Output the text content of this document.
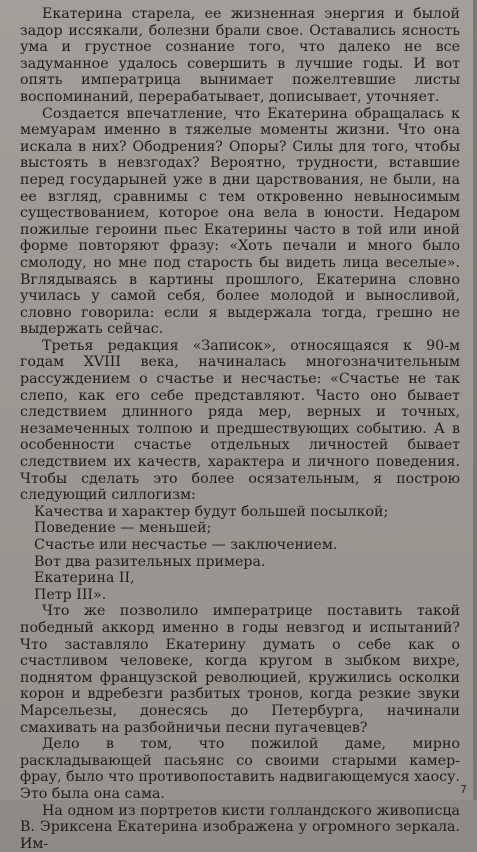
Екатерина старела, ее жизненная энергия и былой задор иссякали, болезни брали свое. Оставались ясность ума и грустное сознание того, что далеко не все задуманное удалось совершить в лучшие годы. И вот опять императрица вынимает пожелтевшие листы воспоминаний, перерабатывает, дописывает, уточняет.

Создается впечатление, что Екатерина обращалась к мемуарам именно в тяжелые моменты жизни. Что она искала в них? Ободрения? Опоры? Силы для того, чтобы выстоять в невзгодах? Вероятно, трудности, вставшие перед государыней уже в дни царствования, не были, на ее взгляд, сравнимы с тем откровенно невыносимым существованием, которое она вела в юности. Недаром пожилые героини пьес Екатерины часто в той или иной форме повторяют фразу: «Хоть печали и много было смолоду, но мне под старость бы видеть лица веселые». Вглядываясь в картины прошлого, Екатерина словно училась у самой себя, более молодой и выносливой, словно говорила: если я выдержала тогда, грешно не выдержать сейчас.

Третья редакция «Записок», относящаяся к 90-м годам XVIII века, начиналась многозначительным рассуждением о счастье и несчастье: «Счастье не так слепо, как его себе представляют. Часто оно бывает следствием длинного ряда мер, верных и точных, незамеченных толпою и предшествующих событию. А в особенности счастье отдельных личностей бывает следствием их качеств, характера и личного поведения. Чтобы сделать это более осязательным, я построю следующий силлогизм:

Качества и характер будут большей посылкой;

Поведение — меньшей;

Счастье или несчастье — заключением.

Вот два разительных примера.

Екатерина II,

Петр III».

Что же позволило императрице поставить такой победный аккорд именно в годы невзгод и испытаний? Что заставляло Екатерину думать о себе как о счастливом человеке, когда кругом в зыбком вихре, поднятом французской революцией, кружились осколки корон и вдребезги разбитых тронов, когда резкие звуки Марсельезы, донесясь до Петербурга, начинали смахивать на разбойничьи песни пугачевцев?

Дело в том, что пожилой даме, мирно раскладывающей пасьянс со своими старыми камер-фрау, было что противопоставить надвигающемуся хаосу. Это была она сама.

На одном из портретов кисти голландского живописца В. Эриксена Екатерина изображена у огромного зеркала. Им-

7
